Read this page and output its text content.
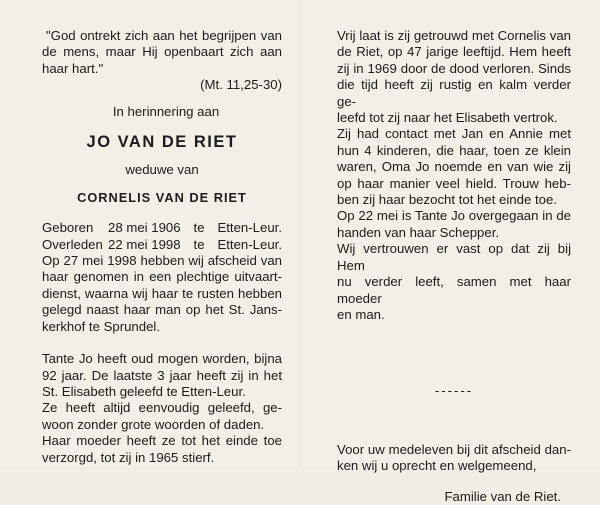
"God ontrekt zich aan het begrijpen van
de mens, maar Hij openbaart zich aan
haar hart."
(Mt. 11,25-30)
In herinnering aan
JO VAN DE RIET
weduwe van
CORNELIS VAN DE RIET
Geboren	28 mei 1906 te Etten-Leur.
Overleden 22 mei 1998 te Etten-Leur.
Op 27 mei 1998 hebben wij afscheid van
haar genomen in een plechtige uitvaart-
dienst, waarna wij haar te rusten hebben
gelegd naast haar man op het St. Jans-
kerkhof te Sprundel.
Tante Jo heeft oud mogen worden, bijna
92 jaar. De laatste 3 jaar heeft zij in het
St. Elisabeth geleefd te Etten-Leur.
Ze heeft altijd eenvoudig geleefd, ge-
woon zonder grote woorden of daden.
Haar moeder heeft ze tot het einde toe
verzorgd, tot zij in 1965 stierf.
Vrij laat is zij getrouwd met Cornelis van
de Riet, op 47 jarige leeftijd. Hem heeft
zij in 1969 door de dood verloren. Sinds
die tijd heeft zij rustig en kalm verder ge-
leefd tot zij naar het Elisabeth vertrok.
Zij had contact met Jan en Annie met
hun 4 kinderen, die haar, toen ze klein
waren, Oma Jo noemde en van wie zij
op haar manier veel hield. Trouw heb-
ben zij haar bezocht tot het einde toe.
Op 22 mei is Tante Jo overgegaan in de
handen van haar Schepper.
Wij vertrouwen er vast op dat zij bij Hem
nu verder leeft, samen met haar moeder
en man.
------
Voor uw medeleven bij dit afscheid dan-
ken wij u oprecht en welgemeend,
Familie van de Riet.
